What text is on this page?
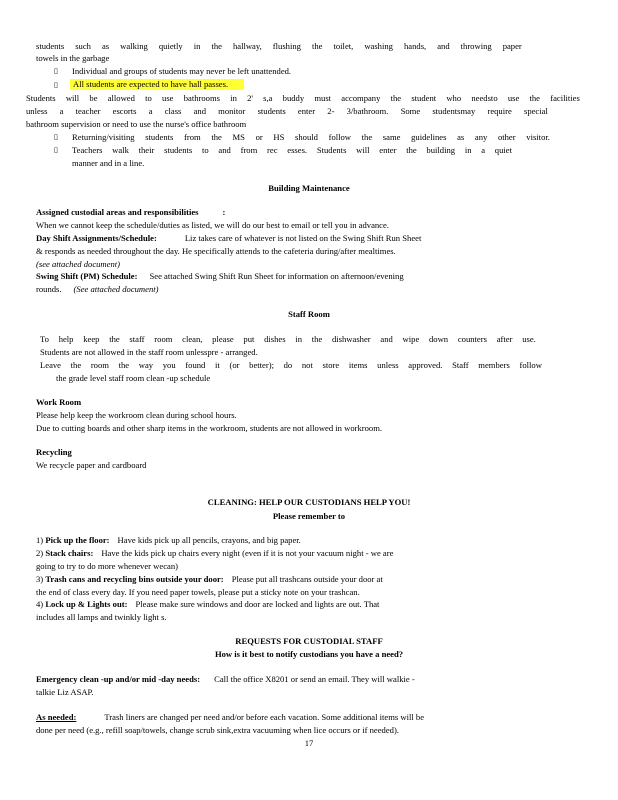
students such as walking quietly in the hallway, flushing the toilet, washing hands, and throwing paper
towels in the garbage
▯	Individual and groups of students may never be left unattended.
▯	All students are expected to have hall passes.
Students will be allowed to use bathrooms in 2' s,a buddy must accompany the student who needsto use the facilities
unless a teacher escorts a class and monitor students enter 2- 3/bathroom. Some studentsmay require special
bathroom supervision or need to use the nurse's office bathroom
▯	Returning/visiting students from the MS or HS should follow the same guidelines as any other visitor.
▯	Teachers walk their students to and from rec esses. Students will enter the building in a quiet
manner and in a line.
Building Maintenance
Assigned custodial areas and responsibilities	:
When we cannot keep the schedule/duties as listed, we will do our best to email or tell you in advance.
Day Shift Assignments/Schedule:	Liz takes care of whatever is not listed on the Swing Shift Run Sheet
& responds as needed throughout the day. He specifically attends to the cafeteria during/after mealtimes.
(see attached document)
Swing Shift (PM) Schedule: See attached Swing Shift Run Sheet for information on afternoon/evening
rounds. (See attached document)
Staff Room
To help keep the staff room clean, please put dishes in the dishwasher and wipe down counters after use.
Students are not allowed in the staff room unlesspre - arranged.
Leave the room the way you found it (or better); do not store items unless approved. Staff members follow
the grade level staff room clean -up schedule
Work Room
Please help keep the workroom clean during school hours.
Due to cutting boards and other sharp items in the workroom, students are not allowed in workroom.
Recycling
We recycle paper and cardboard
CLEANING: HELP OUR CUSTODIANS HELP YOU!
Please remember to
1) Pick up the floor: Have kids pick up all pencils, crayons, and big paper.
2) Stack chairs: Have the kids pick up chairs every night (even if it is not your vacuum night - we are
going to try to do more whenever wecan)
3) Trash cans and recycling bins outside your door: Please put all trashcans outside your door at
the end of class every day. If you need paper towels, please put a sticky note on your trashcan.
4) Lock up & Lights out: Please make sure windows and door are locked and lights are out. That
includes all lamps and twinkly light s.
REQUESTS FOR CUSTODIAL STAFF
How is it best to notify custodians you have a need?
Emergency clean -up and/or mid -day needs: Call the office X8201 or send an email. They will walkie -
talkie Liz ASAP.
As needed:	Trash liners are changed per need and/or before each vacation. Some additional items will be
done per need (e.g., refill soap/towels, change scrub sink,extra vacuuming when lice occurs or if needed).
17
